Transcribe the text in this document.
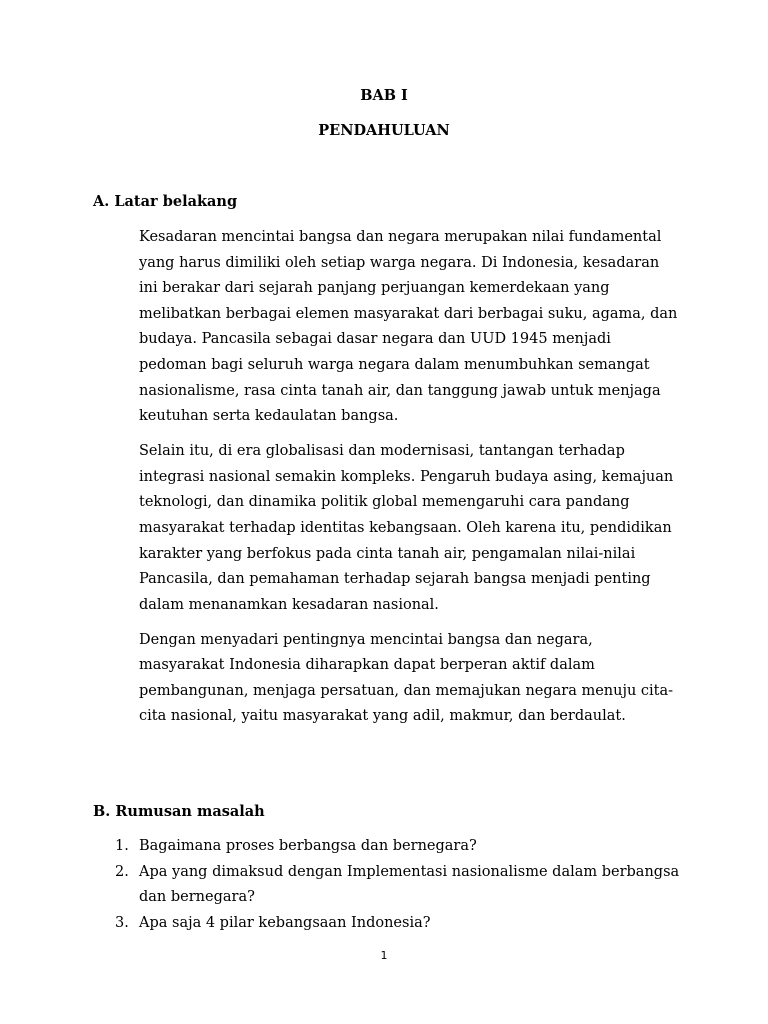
BAB I
PENDAHULUAN
A. Latar belakang

Kesadaran mencintai bangsa dan negara merupakan nilai fundamental yang harus dimiliki oleh setiap warga negara. Di Indonesia, kesadaran ini berakar dari sejarah panjang perjuangan kemerdekaan yang melibatkan berbagai elemen masyarakat dari berbagai suku, agama, dan budaya. Pancasila sebagai dasar negara dan UUD 1945 menjadi pedoman bagi seluruh warga negara dalam menumbuhkan semangat nasionalisme, rasa cinta tanah air, dan tanggung jawab untuk menjaga keutuhan serta kedaulatan bangsa.

Selain itu, di era globalisasi dan modernisasi, tantangan terhadap integrasi nasional semakin kompleks. Pengaruh budaya asing, kemajuan teknologi, dan dinamika politik global memengaruhi cara pandang masyarakat terhadap identitas kebangsaan. Oleh karena itu, pendidikan karakter yang berfokus pada cinta tanah air, pengamalan nilai-nilai Pancasila, dan pemahaman terhadap sejarah bangsa menjadi penting dalam menanamkan kesadaran nasional.

Dengan menyadari pentingnya mencintai bangsa dan negara, masyarakat Indonesia diharapkan dapat berperan aktif dalam pembangunan, menjaga persatuan, dan memajukan negara menuju cita-cita nasional, yaitu masyarakat yang adil, makmur, dan berdaulat.

B. Rumusan masalah
1. Bagaimana proses berbangsa dan bernegara?
2. Apa yang dimaksud dengan Implementasi nasionalisme dalam berbangsa dan bernegara?
3. Apa saja 4 pilar kebangsaan Indonesia?
1
